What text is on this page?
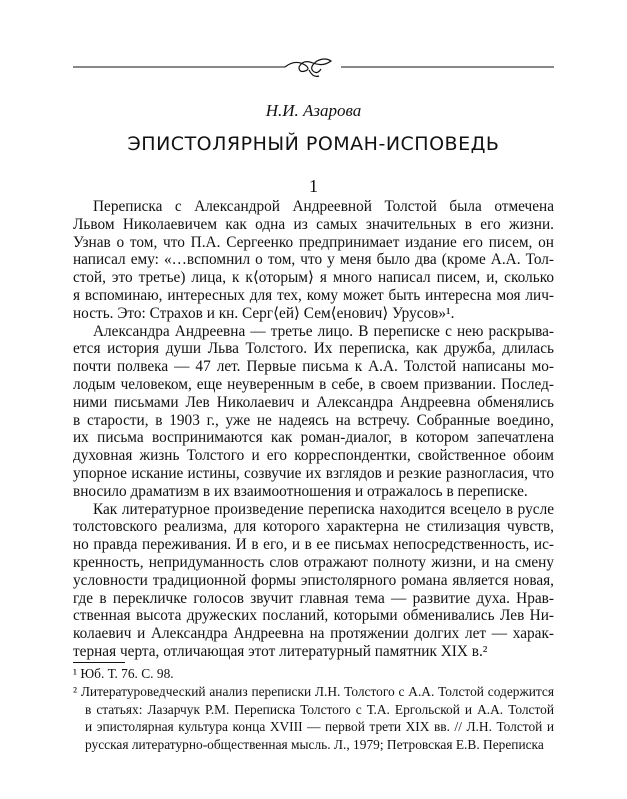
Н.И. Азарова
ЭПИСТОЛЯРНЫЙ РОМАН-ИСПОВЕДЬ
1
Переписка с Александрой Андреевной Толстой была отмечена
Львом Николаевичем как одна из самых значительных в его жизни.
Узнав о том, что П.А. Сергеенко предпринимает издание его писем, он
написал ему: «…вспомнил о том, что у меня было два (кроме А.А. Тол-
стой, это третье) лица, к к⟨оторым⟩ я много написал писем, и, сколько
я вспоминаю, интересных для тех, кому может быть интересна моя лич-
ность. Это: Страхов и кн. Серг⟨ей⟩ Сем⟨енович⟩ Урусов»¹.
Александра Андреевна — третье лицо. В переписке с нею раскрыва-
ется история души Льва Толстого. Их переписка, как дружба, длилась
почти полвека — 47 лет. Первые письма к А.А. Толстой написаны мо-
лодым человеком, еще неуверенным в себе, в своем призвании. Послед-
ними письмами Лев Николаевич и Александра Андреевна обменялись
в старости, в 1903 г., уже не надеясь на встречу. Собранные воедино,
их письма воспринимаются как роман-диалог, в котором запечатлена
духовная жизнь Толстого и его корреспондентки, свойственное обоим
упорное искание истины, созвучие их взглядов и резкие разногласия, что
вносило драматизм в их взаимоотношения и отражалось в переписке.
Как литературное произведение переписка находится всецело в русле
толстовского реализма, для которого характерна не стилизация чувств,
но правда переживания. И в его, и в ее письмах непосредственность, ис-
кренность, непридуманность слов отражают полноту жизни, и на смену
условности традиционной формы эпистолярного романа является новая,
где в перекличке голосов звучит главная тема — развитие духа. Нрав-
ственная высота дружеских посланий, которыми обменивались Лев Ни-
колаевич и Александра Андреевна на протяжении долгих лет — харак-
терная черта, отличающая этот литературный памятник XIX в.²
¹ Юб. Т. 76. С. 98.
² Литературоведческий анализ переписки Л.Н. Толстого с А.А. Толстой содержится
в статьях: Лазарчук Р.М. Переписка Толстого с Т.А. Ергольской и А.А. Толстой
и эпистолярная культура конца XVIII — первой трети XIX вв. // Л.Н. Толстой и
русская литературно-общественная мысль. Л., 1979; Петровская Е.В. Переписка
